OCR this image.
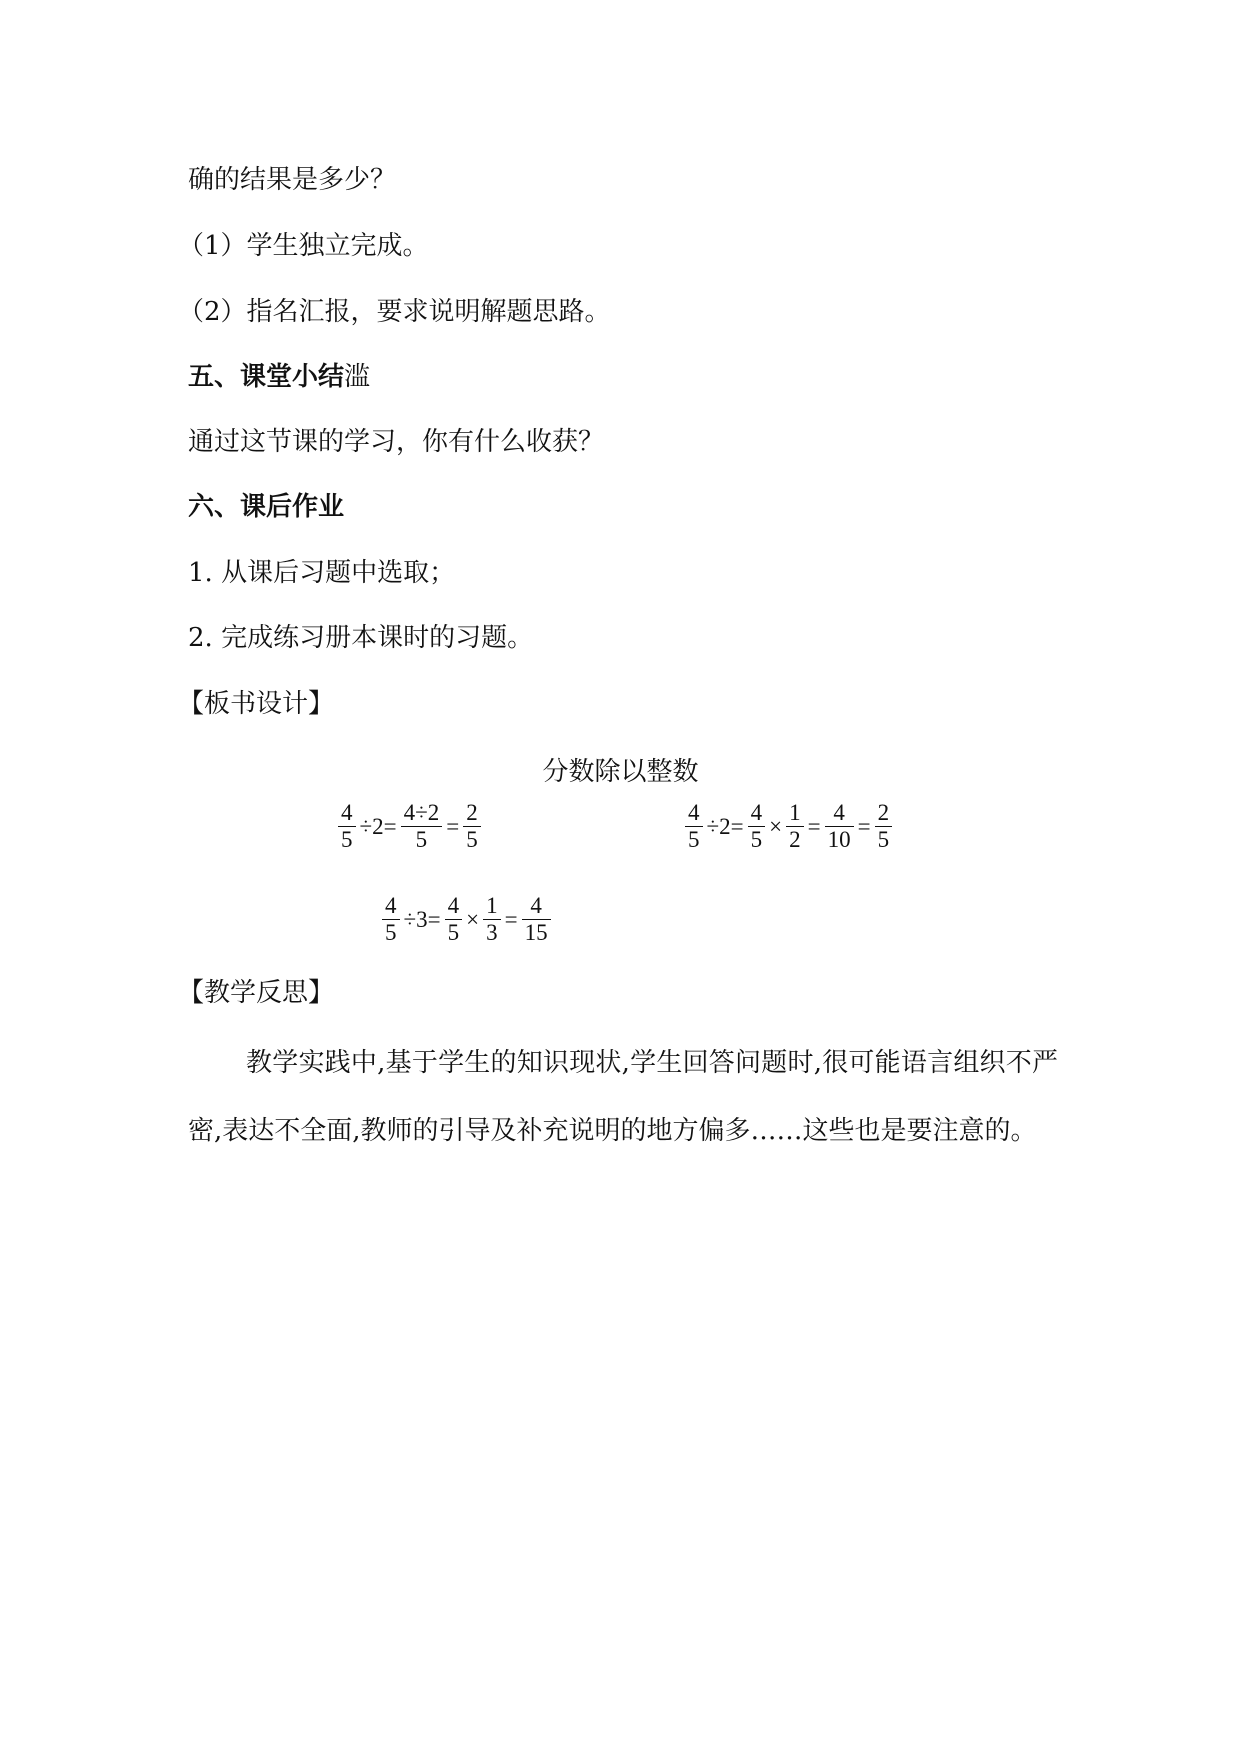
确的结果是多少？
（1）学生独立完成。
（2）指名汇报，要求说明解题思路。
五、课堂小结滥
通过这节课的学习，你有什么收获？
六、课后作业
1. 从课后习题中选取；
2. 完成练习册本课时的习题。
【板书设计】
分数除以整数
$\frac{4}{5} \div 2= \frac{4\div 2}{5} = \frac{2}{5}$	$\frac{4}{5} \div 2= \frac{4}{5} \times \frac{1}{2} = \frac{4}{10} = \frac{2}{5}$
$\frac{4}{5} \div 3= \frac{4}{5} \times \frac{1}{3} = \frac{4}{15}$
【教学反思】
教学实践中,基于学生的知识现状,学生回答问题时,很可能语言组织不严密,表达不全面,教师的引导及补充说明的地方偏多……这些也是要注意的。
